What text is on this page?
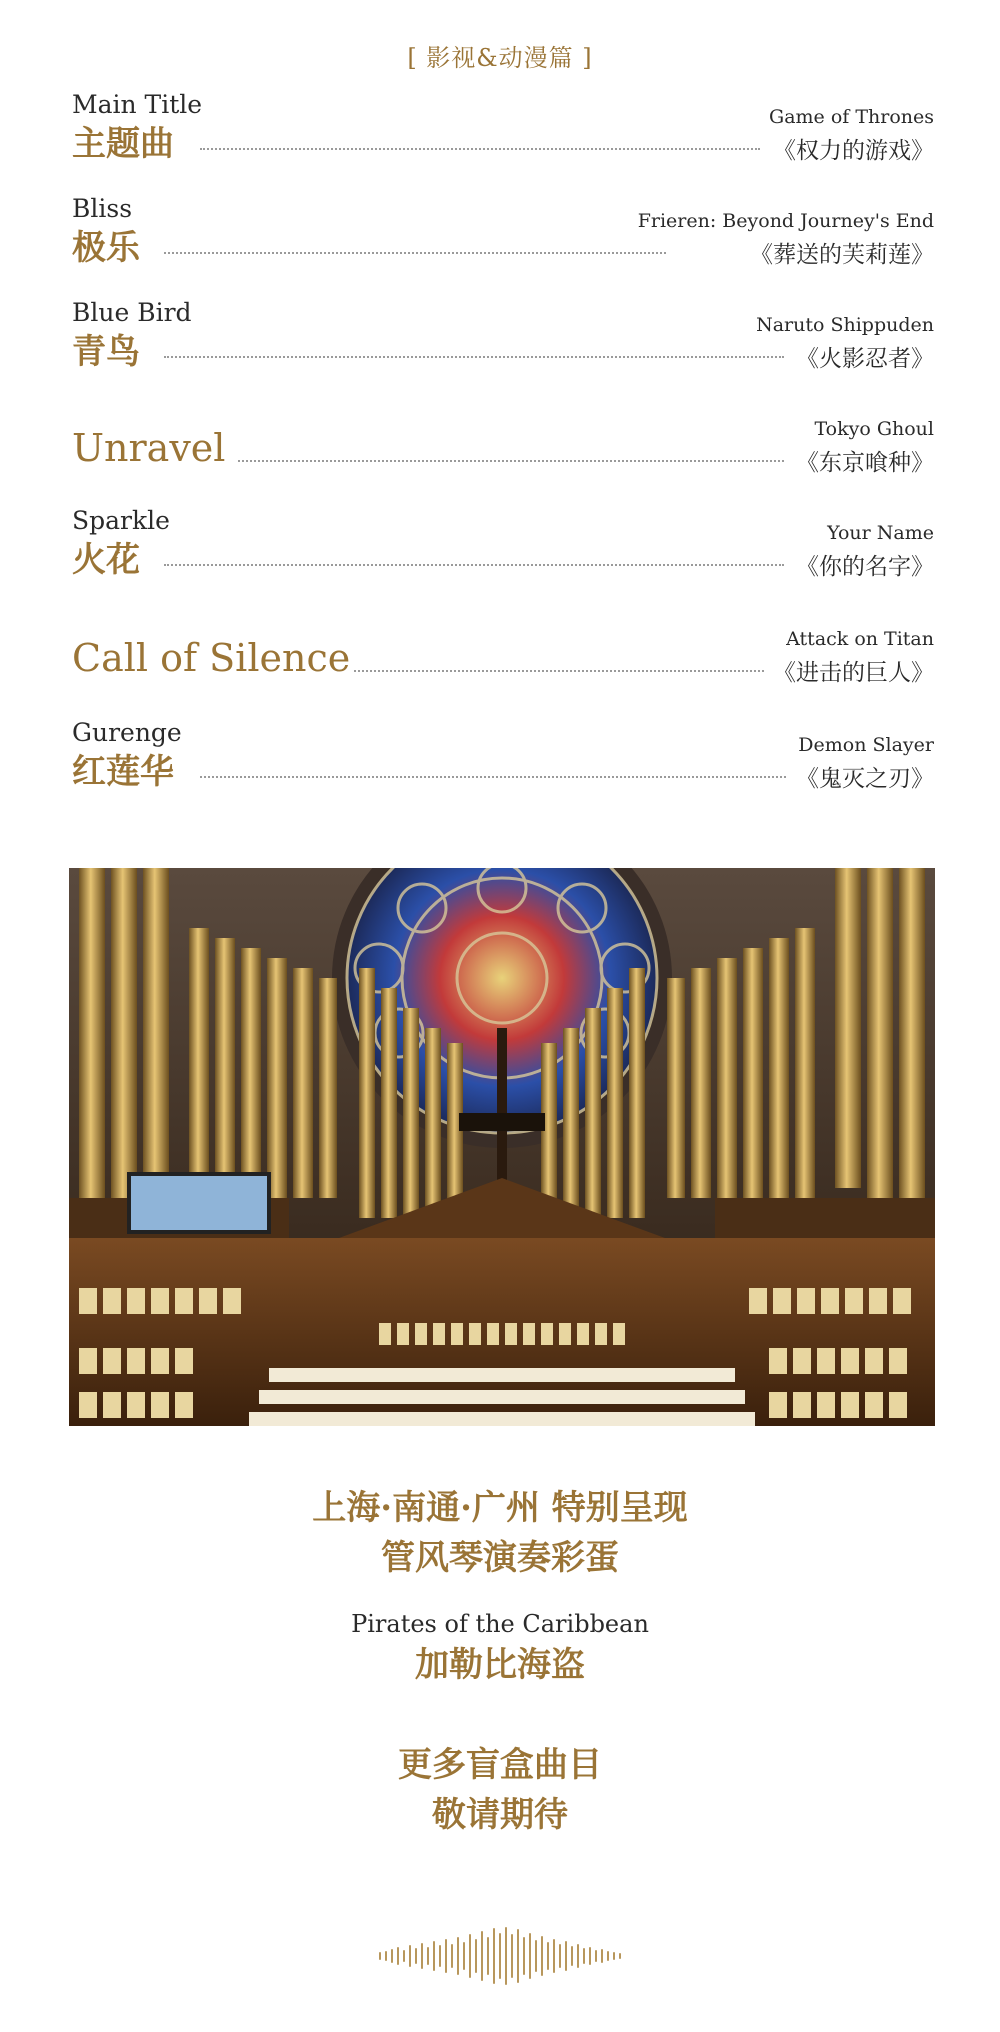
[ 影视&动漫篇 ]
Main Title
主题曲
Game of Thrones
《权力的游戏》
Bliss
极乐
Frieren: Beyond Journey's End
《葬送的芙莉莲》
Blue Bird
青鸟
Naruto Shippuden
《火影忍者》
Unravel	Tokyo Ghoul
《东京喰种》
Sparkle
火花
Your Name
《你的名字》
Call of Silence	Attack on Titan
《进击的巨人》
Gurenge
红莲华
Demon Slayer
《鬼灭之刃》
上海·南通·广州 特别呈现
管风琴演奏彩蛋
Pirates of the Caribbean
加勒比海盗
更多盲盒曲目
敬请期待
